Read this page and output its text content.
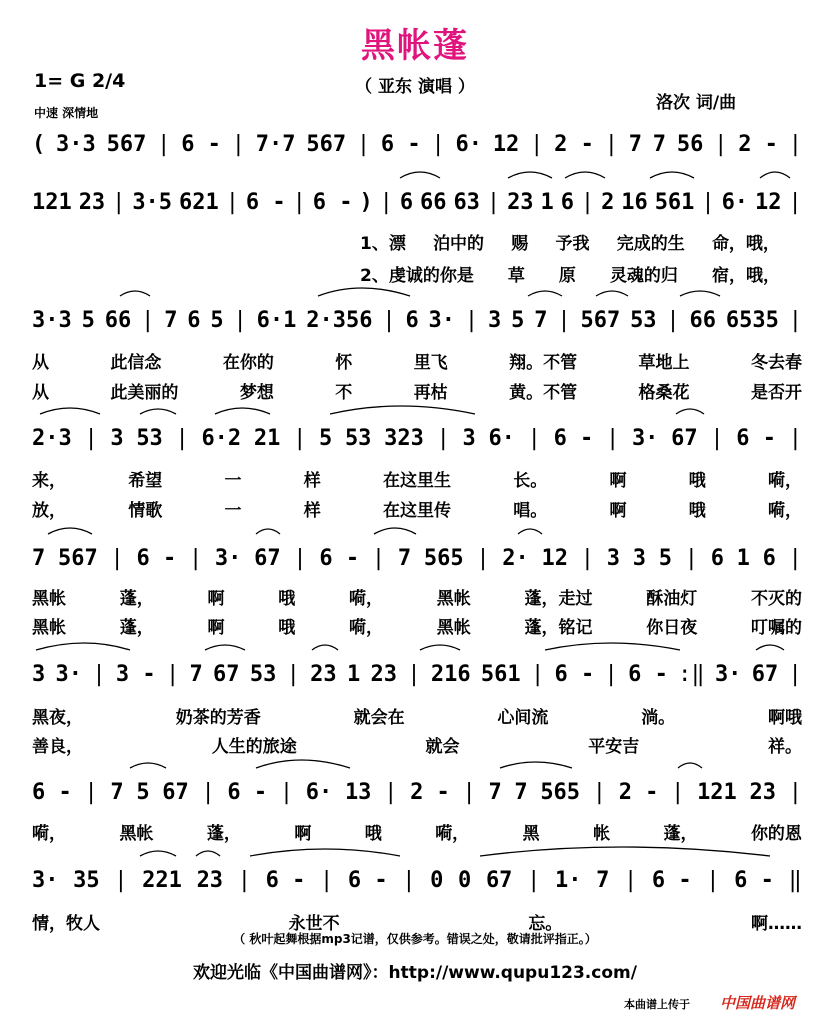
黑帐蓬
（ 亚东 演唱 ）
1= G 2/4
中速 深情地	洛次 词/曲
( 3·3 567 | 6 - | 7·7 567 | 6 - | 6· 12 | 2 - | 7 7 56 | 2 - |
121 23 | 3·5 621 | 6 - | 6 - ) | 6 66 63 | 23 1 6 | 2 16 561 | 6· 12 |
3·3 5 66 | 7 6 5 | 6·1 2·356 | 6 3· | 3 5 7 | 567 53 | 66 6535 |
2·3 | 3 53 | 6·2 21 | 5 53 323 | 3 6· | 6 - | 3· 67 | 6 - |
7 567 | 6 - | 3· 67 | 6 - | 7 565 | 2· 12 | 3 3 5 | 6 1 6 |
3 3· | 3 - | 7 67 53 | 23 1 23 | 216 561 | 6 - | 6 - :‖ 3· 67 |
6 - | 7 5 67 | 6 - | 6· 13 | 2 - | 7 7 565 | 2 - | 121 23 |
3· 35 | 221 23 | 6 - | 6 - | 0 0 67 | 1· 7 | 6 - | 6 - ‖
1、漂 泊中的 赐 予我 完成的生 命，哦，
2、虔诚的你是 草 原 灵魂的归 宿，哦，
从	此信念	在你的	怀	里飞	翔。不管	草地上	冬去春
从	此美丽的	梦想	不	再枯	黄。不管	格桑花	是否开
来，	希望	一	样	在这里生	长。	啊	哦	嗬，
放，	情歌	一	样	在这里传	唱。	啊	哦	嗬，
黑帐	蓬，	啊	哦	嗬，	黑帐	蓬，走过	酥油灯	不灭的
黑帐	蓬，	啊	哦	嗬，	黑帐	蓬，铭记	你日夜	叮嘱的
黑夜，	奶茶的芳香	就会在	心间流	淌。	啊哦
善良，	人生的旅途	就会	平安吉	祥。
嗬，	黑帐	蓬，	啊	哦	嗬，	黑	帐	蓬，	你的恩
情，牧人	永世不	忘。	啊……
（ 秋叶起舞根据mp3记谱，仅供参考。错误之处，敬请批评指正。）
欢迎光临《中国曲谱网》：http://www.qupu123.com/
本曲谱上传于 中国曲谱网
